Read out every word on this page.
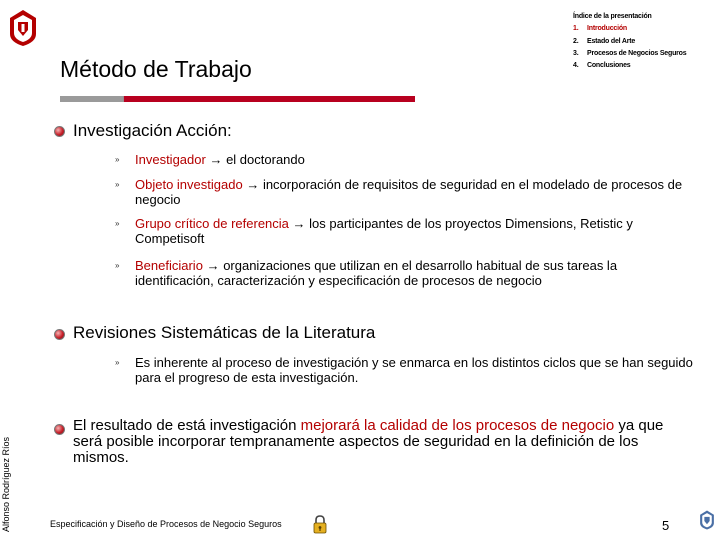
Método de Trabajo
Índice de la presentación
1.	Introducción
2.	Estado del Arte
3.	Procesos de Negocios Seguros
4.	Conclusiones
Alfonso Rodríguez Ríos
Investigación Acción:
» Investigador → el doctorando
» Objeto investigado → incorporación de requisitos de seguridad en el modelado de procesos de negocio
» Grupo crítico de referencia → los participantes de los proyectos Dimensions, Retistic y Competisoft
» Beneficiario → organizaciones que utilizan en el desarrollo habitual de sus tareas la identificación, caracterización y especificación de procesos de negocio
Revisiones Sistemáticas de la Literatura
» Es inherente al proceso de investigación y se enmarca en los distintos ciclos que se han seguido para el progreso de esta investigación.
El resultado de está investigación mejorará la calidad de los procesos de negocio ya que será posible incorporar tempranamente aspectos de seguridad en la definición de los mismos.
Especificación y Diseño de Procesos de Negocio Seguros	5
